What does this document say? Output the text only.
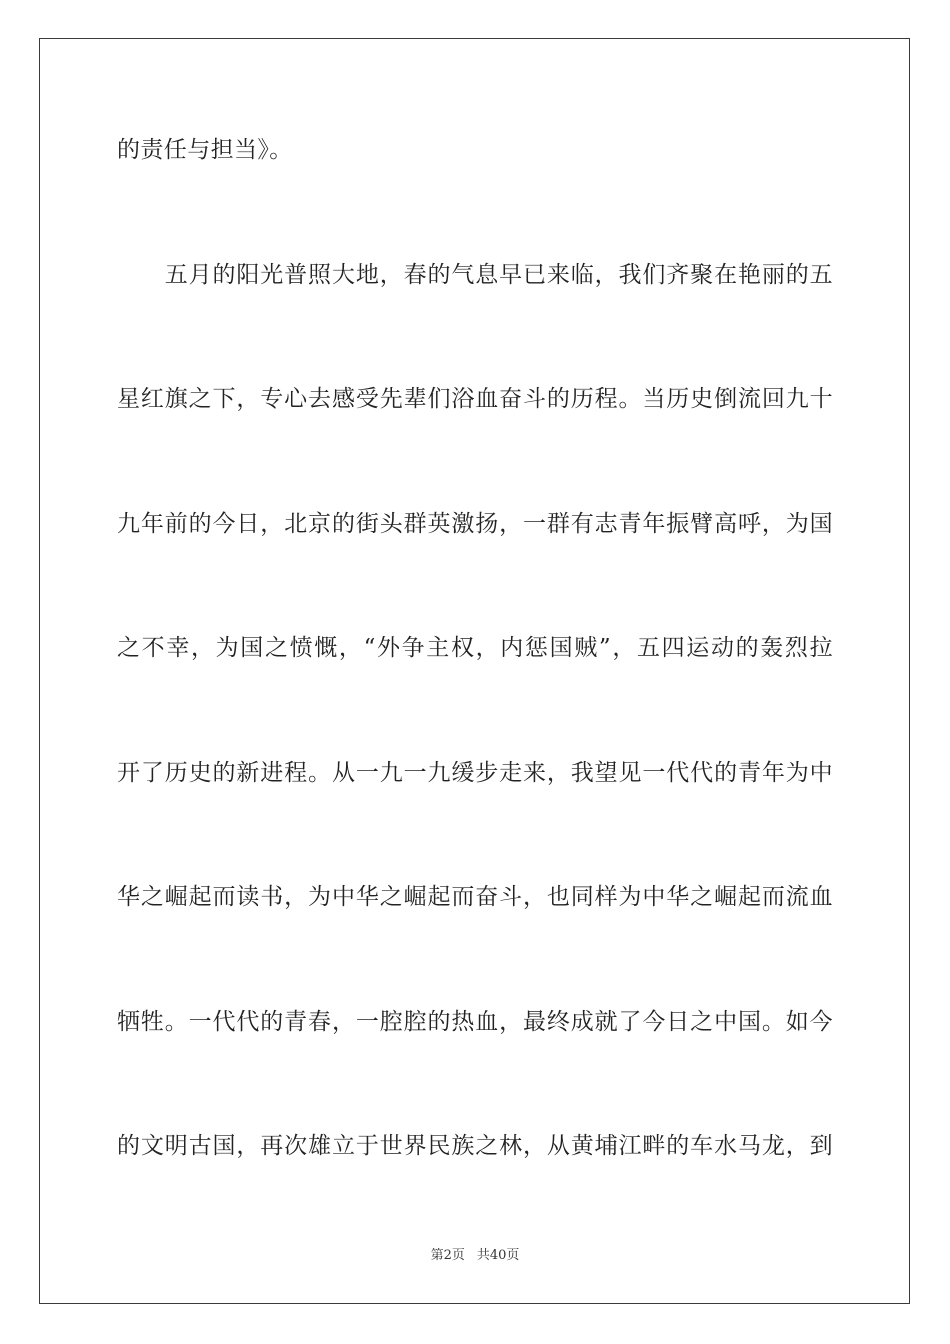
的责任与担当》。
　　五月的阳光普照大地，春的气息早已来临，我们齐聚在艳丽的五
星红旗之下，专心去感受先辈们浴血奋斗的历程。当历史倒流回九十
九年前的今日，北京的街头群英激扬，一群有志青年振臂高呼，为国
之不幸，为国之愤慨，“外争主权，内惩国贼”，五四运动的轰烈拉
开了历史的新进程。从一九一九缓步走来，我望见一代代的青年为中
华之崛起而读书，为中华之崛起而奋斗，也同样为中华之崛起而流血
牺牲。一代代的青春，一腔腔的热血，最终成就了今日之中国。如今
的文明古国，再次雄立于世界民族之林，从黄埔江畔的车水马龙，到
第2页 共40页
